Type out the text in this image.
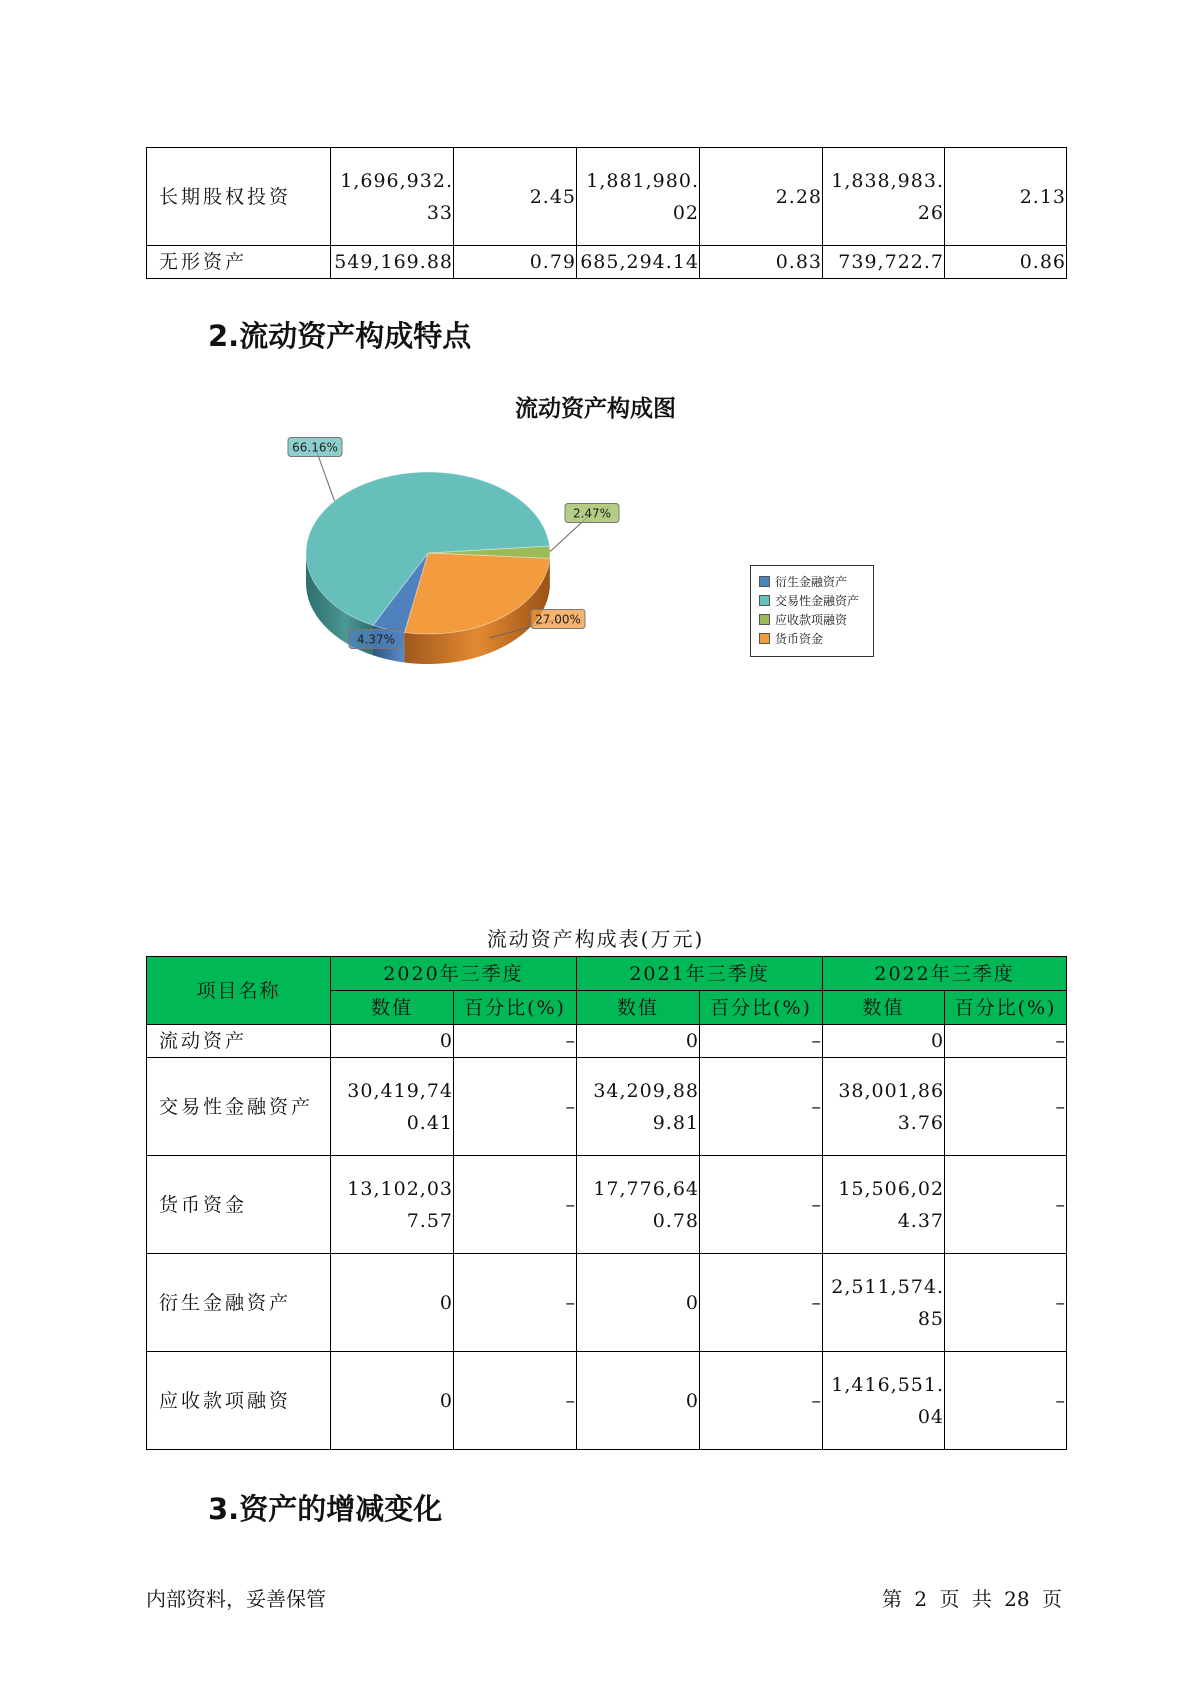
长期股权投资	1,696,932.33	2.45	1,881,980.02	2.28	1,838,983.26	2.13
无形资产	549,169.88	0.79	685,294.14	0.83	739,722.7	0.86
2.流动资产构成特点
流动资产构成图
2.47%
27.00%
4.37%
66.16%
衍生金融资产
交易性金融资产
应收款项融资
货币资金
流动资产构成表(万元)
项目名称	2020年三季度		2021年三季度		2022年三季度	
	数值	百分比(%)	数值	百分比(%)	数值	百分比(%)
流动资产	0	–	0	–	0	–
交易性金融资产	30,419,740.41	–	34,209,889.81	–	38,001,863.76	–
货币资金	13,102,037.57	–	17,776,640.78	–	15,506,024.37	–
衍生金融资产	0	–	0	–	2,511,574.85	–
应收款项融资	0	–	0	–	1,416,551.04	–
3.资产的增减变化
内部资料，妥善保管	第 2 页 共 28 页
